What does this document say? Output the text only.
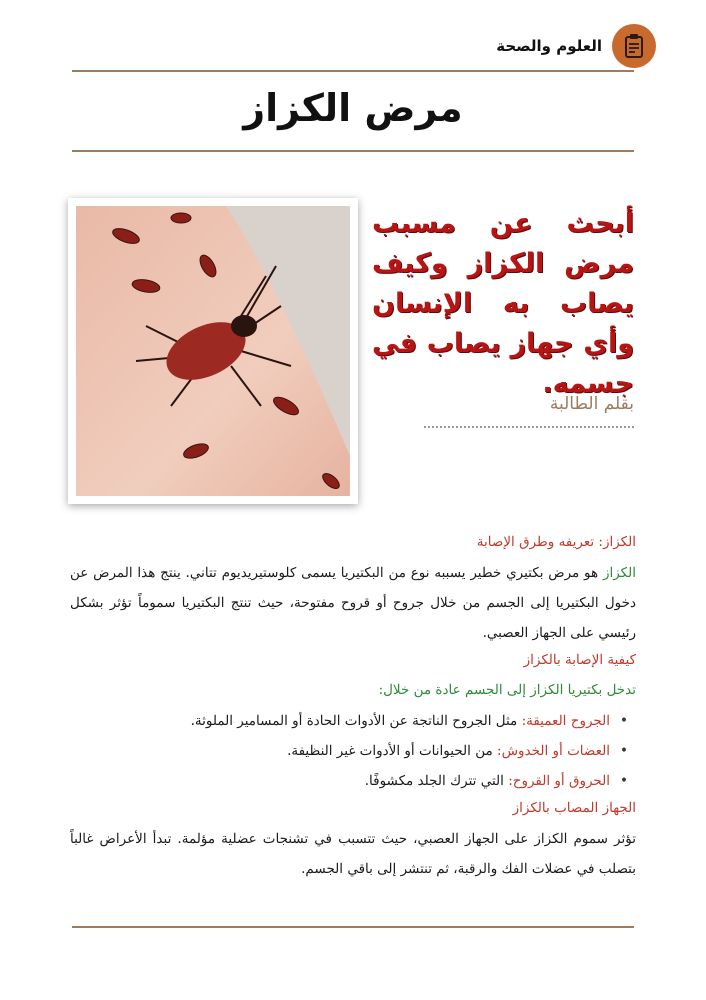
العلوم والصحة
مرض الكزاز
أبحث عن مسبب مرض الكزاز وكيف يصاب به الإنسان وأي جهاز يصاب في جسمه.
بقلم الطالبة

الكزاز: تعريفه وطرق الإصابة

الكزاز هو مرض بكتيري خطير يسببه نوع من البكتيريا يسمى كلوستيريديوم تتاني. ينتج هذا المرض عن دخول البكتيريا إلى الجسم من خلال جروح أو قروح مفتوحة، حيث تنتج البكتيريا سموماً تؤثر بشكل رئيسي على الجهاز العصبي.

كيفية الإصابة بالكزاز

تدخل بكتيريا الكزاز إلى الجسم عادة من خلال:

• الجروح العميقة: مثل الجروح الناتجة عن الأدوات الحادة أو المسامير الملوثة.
• العضات أو الخدوش: من الحيوانات أو الأدوات غير النظيفة.
• الحروق أو القروح: التي تترك الجلد مكشوفًا.

الجهاز المصاب بالكزاز

تؤثر سموم الكزاز على الجهاز العصبي، حيث تتسبب في تشنجات عضلية مؤلمة. تبدأ الأعراض غالباً بتصلب في عضلات الفك والرقبة، ثم تنتشر إلى باقي الجسم.
